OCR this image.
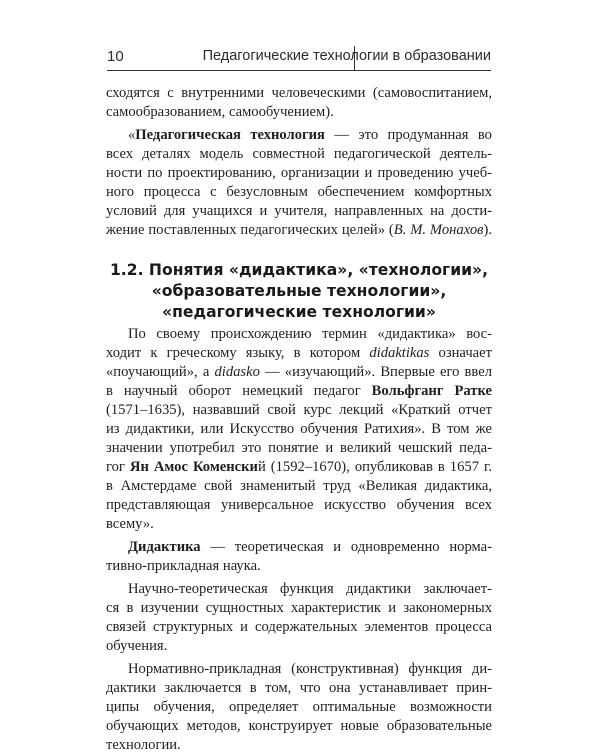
10	Педагогические технологии в образовании

сходятся с внутренними человеческими (самовоспитанием,
самообразованием, самообучением).

«Педагогическая технология — это продуманная во
всех деталях модель совместной педагогической деятель-
ности по проектированию, организации и проведению учеб-
ного процесса с безусловным обеспечением комфортных
условий для учащихся и учителя, направленных на дости-
жение поставленных педагогических целей» (В. М. Монахов).

1.2. Понятия «дидактика», «технологии»,
«образовательные технологии»,
«педагогические технологии»

По своему происхождению термин «дидактика» вос-
ходит к греческому языку, в котором didaktikas означает
«поучающий», а didasko — «изучающий». Впервые его ввел
в научный оборот немецкий педагог Вольфганг Ратке
(1571–1635), назвавший свой курс лекций «Краткий отчет
из дидактики, или Искусство обучения Ратихия». В том же
значении употребил это понятие и великий чешский педа-
гог Ян Амос Коменский (1592–1670), опубликовав в 1657 г.
в Амстердаме свой знаменитый труд «Великая дидактика,
представляющая универсальное искусство обучения всех
всему».

Дидактика — теоретическая и одновременно норма-
тивно-прикладная наука.

Научно-теоретическая функция дидактики заключает-
ся в изучении сущностных характеристик и закономерных
связей структурных и содержательных элементов процесса
обучения.

Нормативно-прикладная (конструктивная) функция ди-
дактики заключается в том, что она устанавливает прин-
ципы обучения, определяет оптимальные возможности
обучающих методов, конструирует новые образовательные
технологии.
